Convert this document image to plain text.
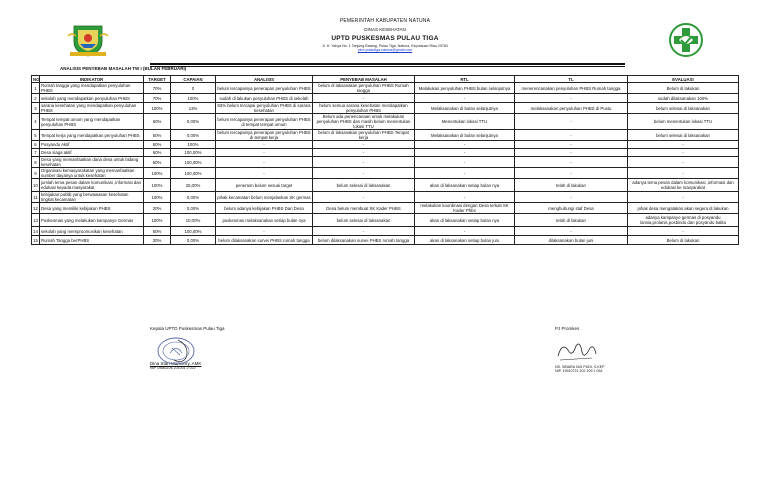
PEMERINTAH KABUPATEN NATUNA
DINAS KESEHATAN
UPTD PUSKESMAS PULAU TIGA
Jl. H. Yahya No. 1 Tanjung Batang, Pulau Tiga, Natuna, Kepulauan Riau 29783
pkm.pulautiga.natuna@gmail.com
ANALISIS PENYEBAB MASALAH TW I (BULAN FEBRUARI)
NO	INDIKATOR	TARGET	CAPAIAN	ANALISIS	PENYEBAB MASALAH	RTL	TL	EVALUASI
1	Rumah tangga yang mendapatkan penyuluhan PHBS	70%	0	belum tercapainya penerapan penyuluhan PHBS	belum di laksanakan penyuluhan PHBS Rumah tangga	Melakukan penyuluhan PHBS bulan selanjutnya	menerencanakan penyuluhan PHBS Rumah tangga	Belum di lakukan
2	sekolah yang mendapatkan penyuluhan PHBS	70%	100%	sudah di lakukan penyuluhan PHBS di sekolah	-	-	-	sudah dilaksanakan 100%
3	sarana kesehatan yang mendapatkan penyuluhan PHBS	100%	13%	83% belum tercapai penyuluhan PHBS di sarana kesehatan	belum semua sarana kesehatan mendapatkan penyuluhan PHBS	Melaksanakan di bulan selanjutnya	melaksanakan penyuluhan PHBS di Pustu	belum selesai di laksanakan
4	Tempat tempat umum yang mendapatkan penyuluhan PHBS	60%	0,00%	belum tercapainya penerapan penyuluhan PHBS di tempat tempat umum	Belum ada penencanaan untuk melakukan penyuluhan PHBS dan masih belum menentukan lokasi TTU	Menentukan lokasi TTU	-	belum menentukan lokasi TTU
5	Tempat kerja yang mendapatkan penyuluhan PHBS	50%	0,00%	belum tercapainya penerapan penyuluhan PHBS di tempat kerja	belum di laksanakan penyuluhan PHBS Tempat kerja	Melaksanakan di bulan selanjutnya	-	belum selesai di laksanakan
6	Posyandu Aktif	50%	100%	-	-	-	-	-
7	Desa siaga aktif	60%	100,00%	-	-	-	-	-
8	Desa yang memanfaatkan dana desa untuk bidang kesehatan	50%	100,00%	-	-	-	-	-
9	Organisasi kemasyarakatan yang memanfaatkan sumber dayanya untuk kesehatan	100%	100,00%	-	-	-	-	-
10	jumlah tema pesan dalam komunikasi ,informasi dan edukasi kepada masyarakat	100%	25,00%	penerasn belum sesuai target	belum selesai di laksanakan	akan di laksanakan setiap bulan nya	telah di lakukan	adanya tema pesan dalam komunikasi ,informasi dan edukasi ke masyarakat
11	kebijakan publik yang berwawasan kesehatan tingkat kecamatan	100%	0,00%	pihak kecamatan belum menjalankan SK germas	-	-	-	-
12	Desa yang memiliki kebijakan PHBS	20%	0,00%	belum adanya kebijakan PHBS Dari Desa	Desa belum membuat SK Kader PHBS	melakukan koordinasi dengan Desa terkait SK Kader Phbs	menghubungi staf Desa	pihak desa mengatakan akan segera di lakukan
13	Puskesmas yang melakukan kampanye Germas	100%	10,00%	puskesmas melaksanakan setiap bulan nya	belum selesai di laksanakan	akan di laksanakan setiap bulan nya	telah di lakukan	adanya kampanye germas di posyandu lansia,prolanis,posbindu dan posyandu balita
14	sekolah yang memproomosikan kesehatan	50%	100,00%	-	-	-	-	-
15	Rumah Tangga berPHBS	30%	0,00%	belum dilaksanakan survei PHBS rumah tangga	belum dilaksanakan survei PHBS rumah tangga	akan di laksanakan setiap bulan juni	dilaksanakan bulan juni	Belum di lakukan
Kepala UPTD Puskesmas Pulau Tiga
Dina Stari Mamonry, AMK
NIP 19861106 201001 2 022
PJ Promkes
NS. SIBARA NIJI PUDI, S.KEP
NIP. 19910721 202 109 1 054
